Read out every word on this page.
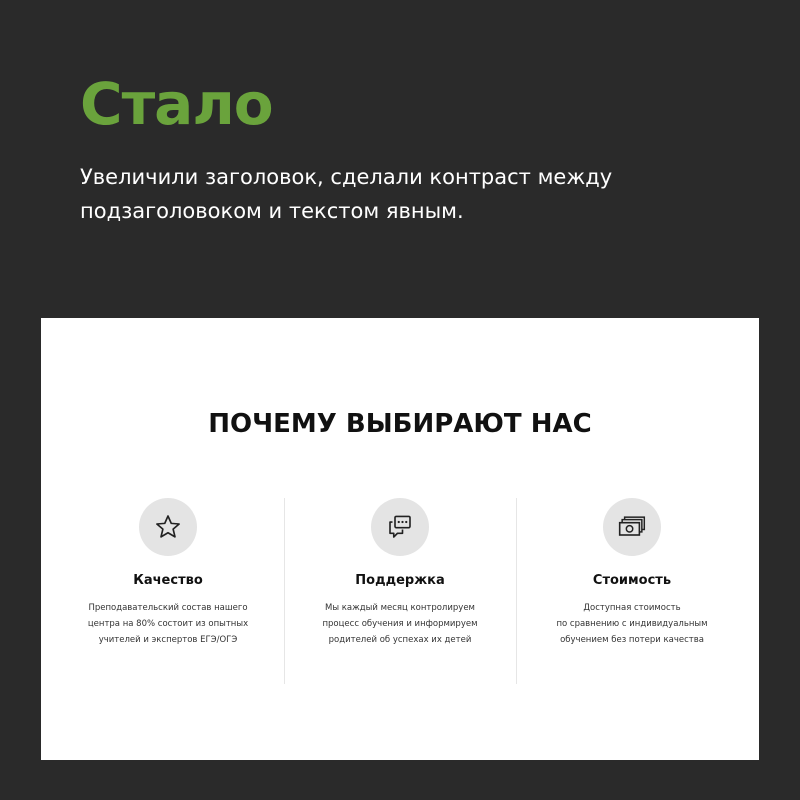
Стало

Увеличили заголовок, сделали контраст между
подзаголовоком и текстом явным.

ПОЧЕМУ ВЫБИРАЮТ НАС
Качество
Преподавательский состав нашего
центра на 80% состоит из опытных
учителей и экспертов ЕГЭ/ОГЭ
Поддержка
Мы каждый месяц контролируем
процесс обучения и информируем
родителей об успехах их детей
Стоимость
Доступная стоимость
по сравнению с индивидуальным
обучением без потери качества
